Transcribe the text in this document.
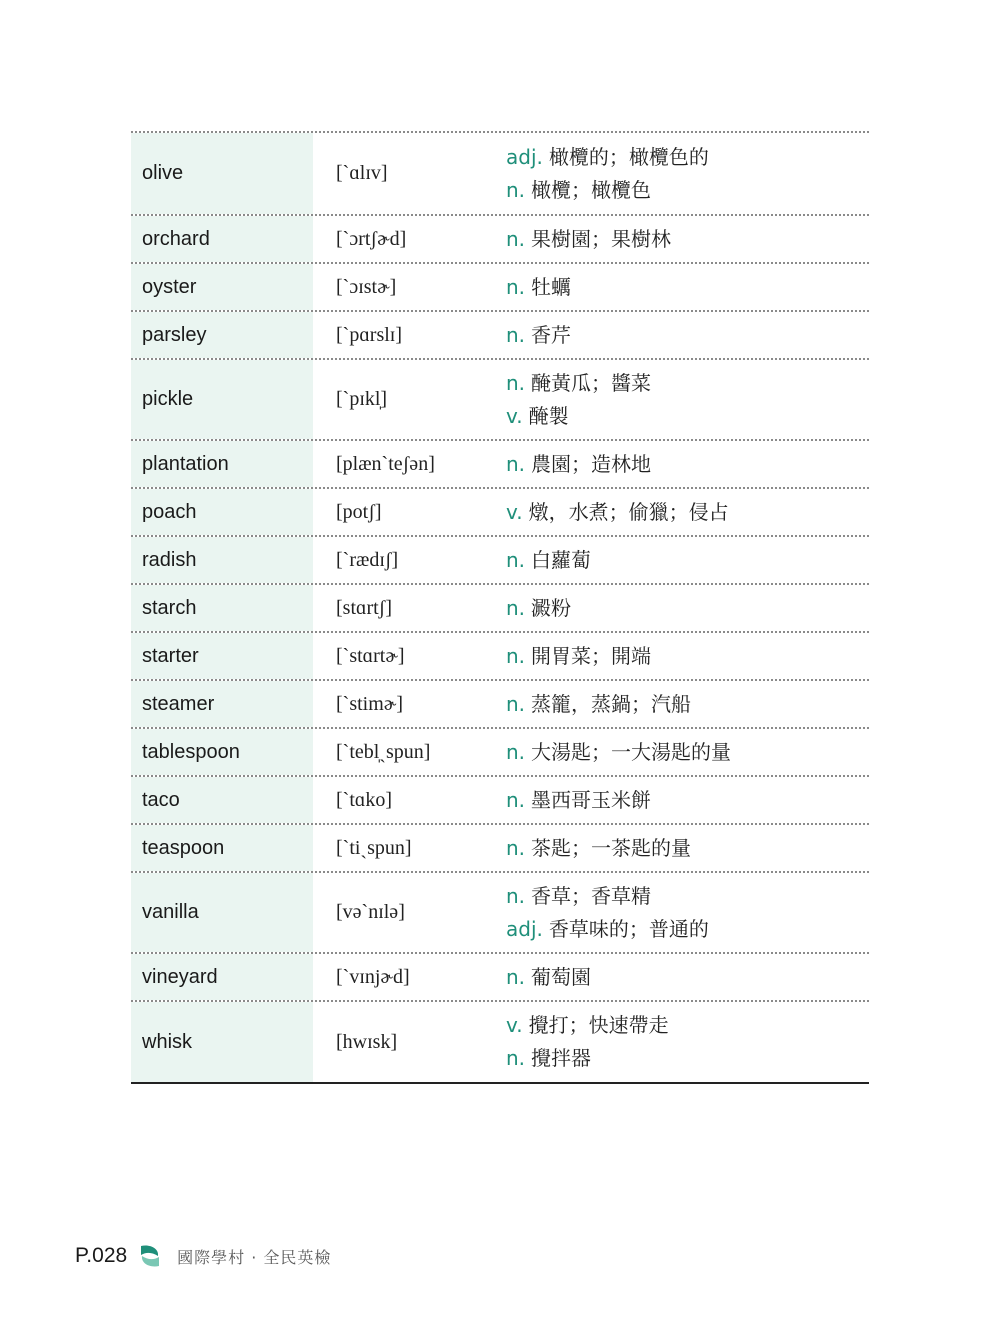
olive	[`ɑlɪv]
adj. 橄欖的；橄欖色的
n. 橄欖；橄欖色
orchard	[`ɔrtʃɚd]	n. 果樹園；果樹林
oyster	[`ɔɪstɚ]	n. 牡蠣
parsley	[`pɑrslɪ]	n. 香芹
pickle	[`pɪkl̩]
n. 醃黃瓜；醬菜
v. 醃製
plantation	[plæn`teʃən]	n. 農園；造林地
poach	[potʃ]	v. 燉，水煮；偷獵；侵占
radish	[`rædɪʃ]	n. 白蘿蔔
starch	[stɑrtʃ]	n. 澱粉
starter	[`stɑrtɚ]	n. 開胃菜；開端
steamer	[`stimɚ]	n. 蒸籠，蒸鍋；汽船
tablespoon	[`tebl̩ˏspun]	n. 大湯匙；一大湯匙的量
taco	[`tɑko]	n. 墨西哥玉米餅
teaspoon	[`tiˏspun]	n. 茶匙；一茶匙的量
vanilla	[və`nɪlə]
n. 香草；香草精
adj. 香草味的；普通的
vineyard	[`vɪnjɚd]	n. 葡萄園
whisk	[hwɪsk]
v. 攪打；快速帶走
n. 攪拌器
P.028	國際學村 · 全民英檢
